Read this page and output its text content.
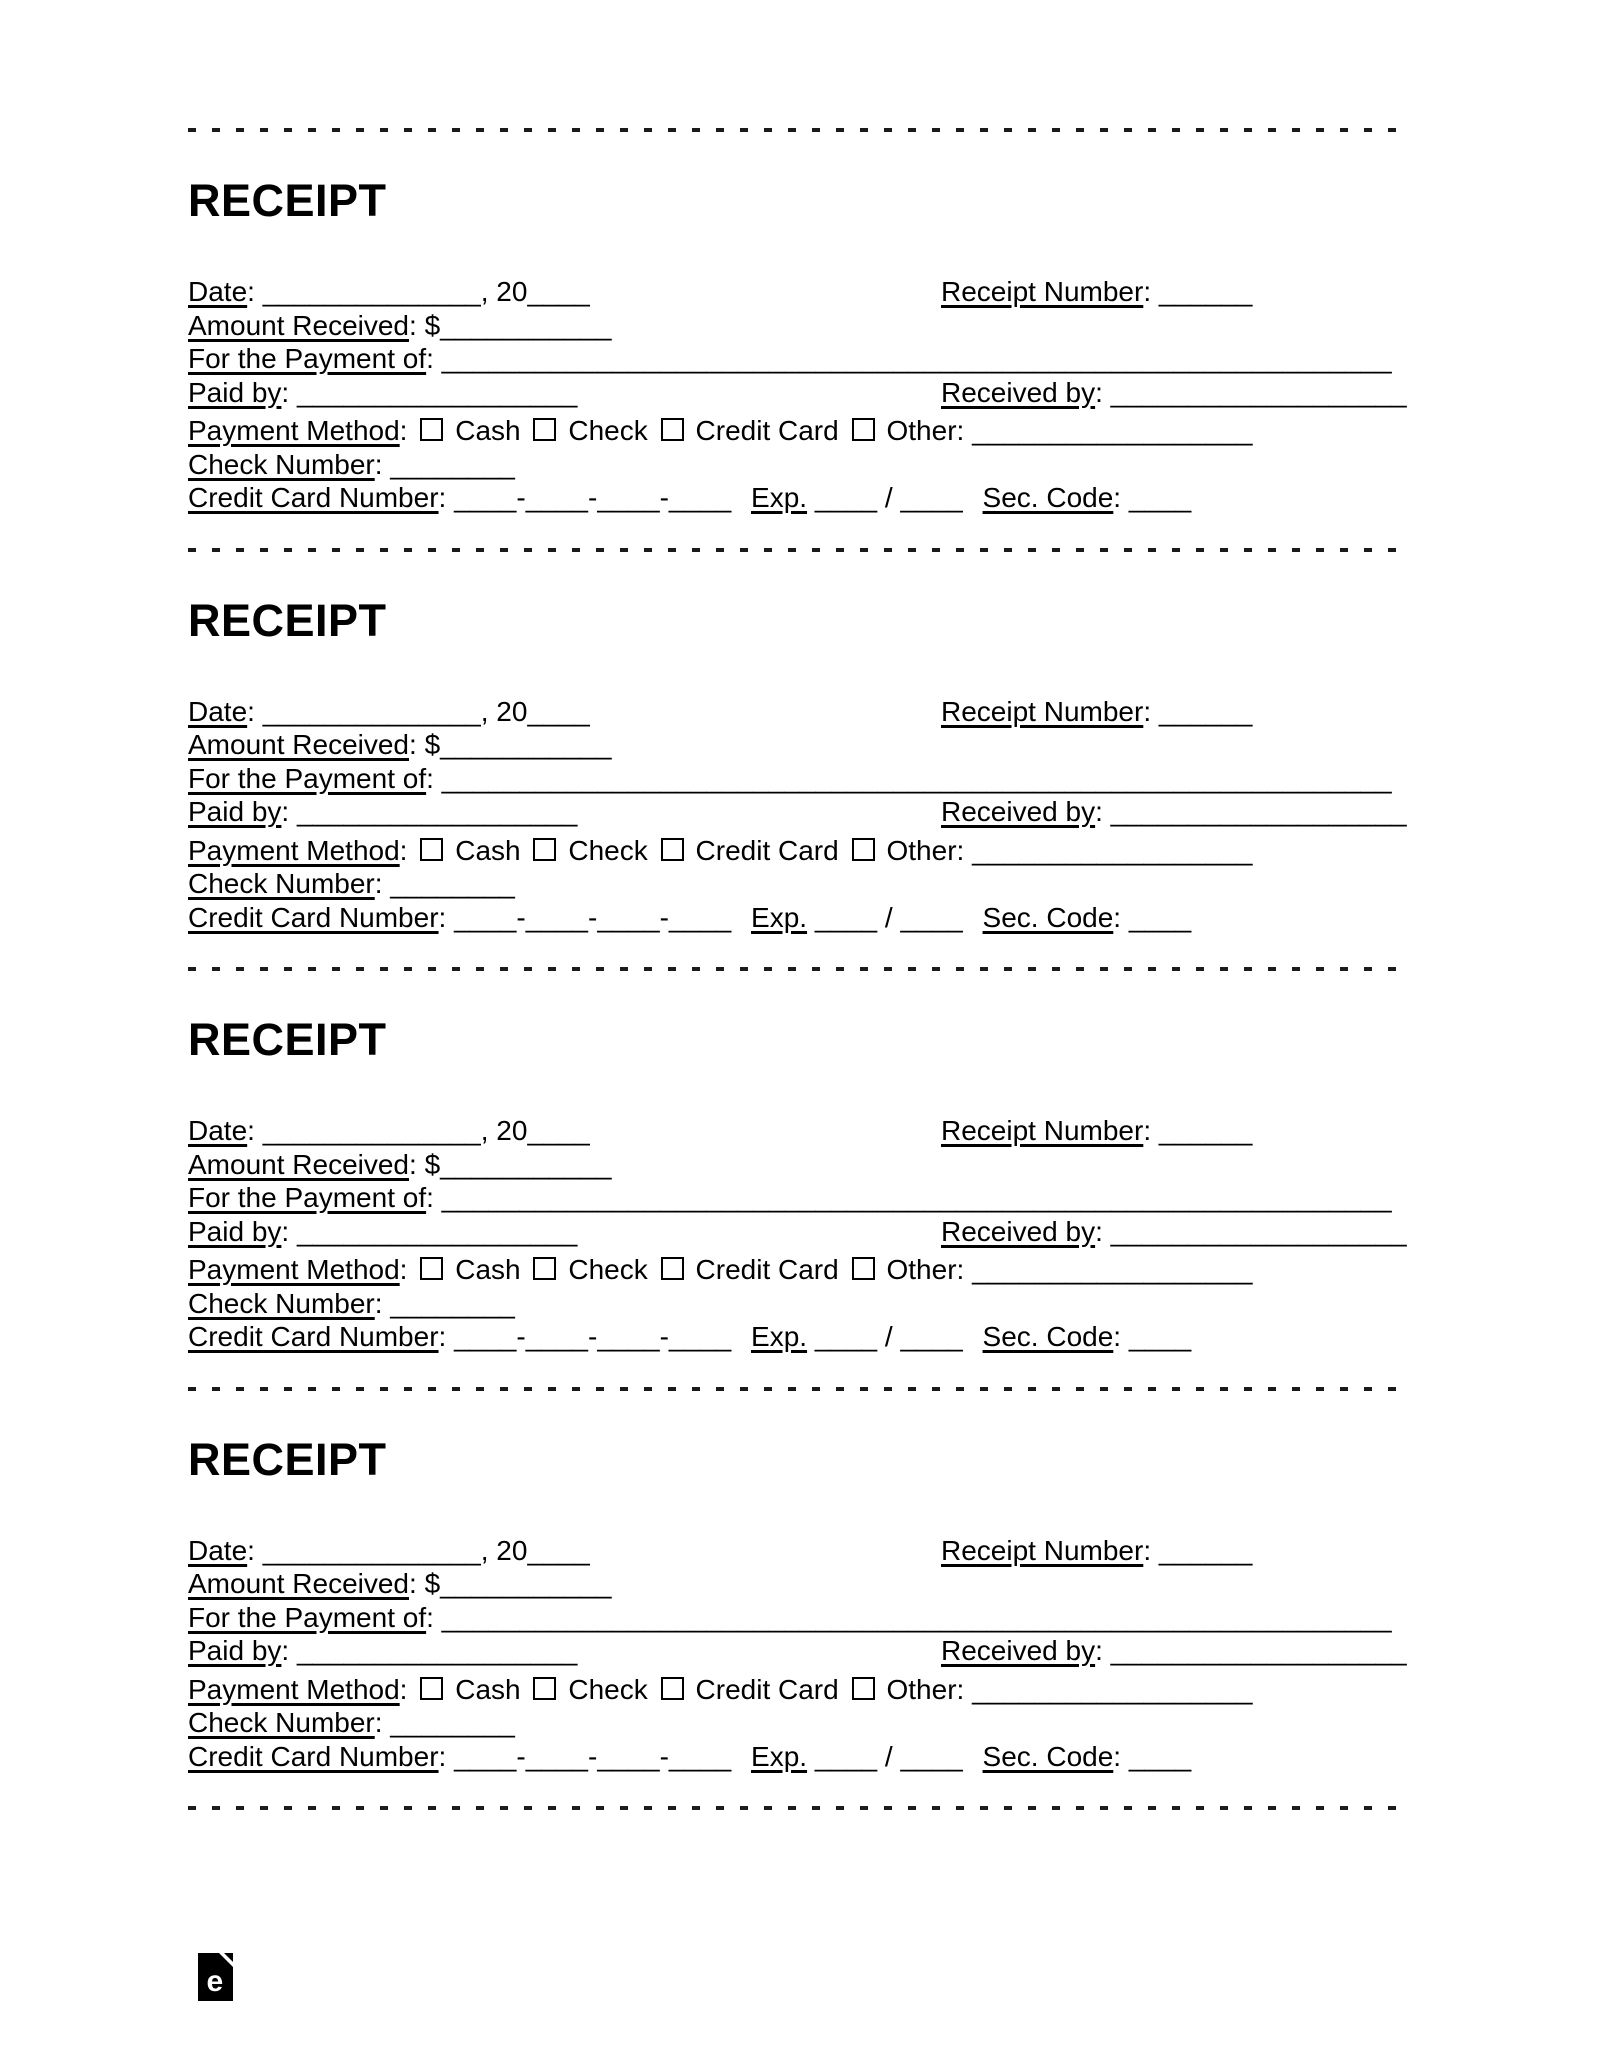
RECEIPT
Date: ______________, 20____	Receipt Number: ______
Amount Received: $___________
For the Payment of: _____________________________________________________________
Paid by: __________________	Received by: ___________________
Payment Method: Cash Check Credit Card Other: __________________
Check Number: ________
Credit Card Number: ____-____-____-____ Exp. ____ / ____ Sec. Code: ____
RECEIPT
Date: ______________, 20____	Receipt Number: ______
Amount Received: $___________
For the Payment of: _____________________________________________________________
Paid by: __________________	Received by: ___________________
Payment Method: Cash Check Credit Card Other: __________________
Check Number: ________
Credit Card Number: ____-____-____-____ Exp. ____ / ____ Sec. Code: ____
RECEIPT
Date: ______________, 20____	Receipt Number: ______
Amount Received: $___________
For the Payment of: _____________________________________________________________
Paid by: __________________	Received by: ___________________
Payment Method: Cash Check Credit Card Other: __________________
Check Number: ________
Credit Card Number: ____-____-____-____ Exp. ____ / ____ Sec. Code: ____
RECEIPT
Date: ______________, 20____	Receipt Number: ______
Amount Received: $___________
For the Payment of: _____________________________________________________________
Paid by: __________________	Received by: ___________________
Payment Method: Cash Check Credit Card Other: __________________
Check Number: ________
Credit Card Number: ____-____-____-____ Exp. ____ / ____ Sec. Code: ____
e
